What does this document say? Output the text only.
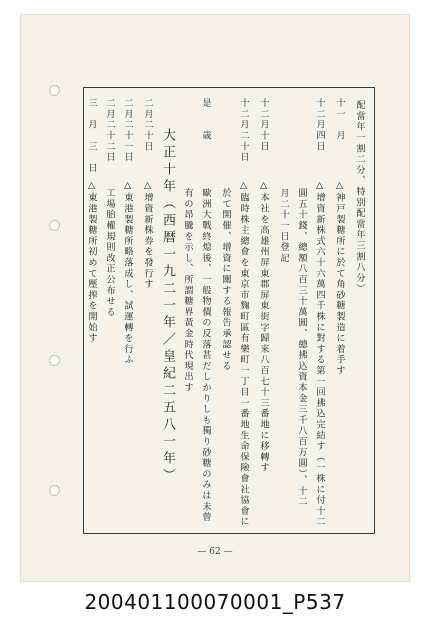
配當年一割二分、特別配當年三割八分）
十一　月
△神戸製糖所に於て角砂糖製造に着手す
十二月四日
△增資新株式六十六萬四千株に對する第一回拂込完結す（一株に付十二
圓五十錢、總額八百三十萬圓、總拂込資本金三千八百万圓）、十二
月二十一日登記
十二月十日
△本社を高雄州屏東郡屏東街字歸來八百七十三番地に移轉す
十二月二十日
△臨時株主總會を東京市麴町區有樂町一丁目一番地生命保險會社協會に
於て開催、增資に關する報告承認せる
是　　歳
歐洲大戰終熄後、一般物價の反落甚だしかりしも獨り砂糖のみは未曾
有の昂騰を示し、所謂糖界黃金時代現出す
大正十年（西暦一九二一年／皇紀二五八一年）
二月二十日
△增資新株券を發行す
二月二十一日
△東港製糖所略落成し、試運轉を行ふ
二月二十二日
工場胎權規則改正公布せる
三　月　三　日
△東港製糖所初めて壓搾を開始す
— 62 —
200401100070001_P537
